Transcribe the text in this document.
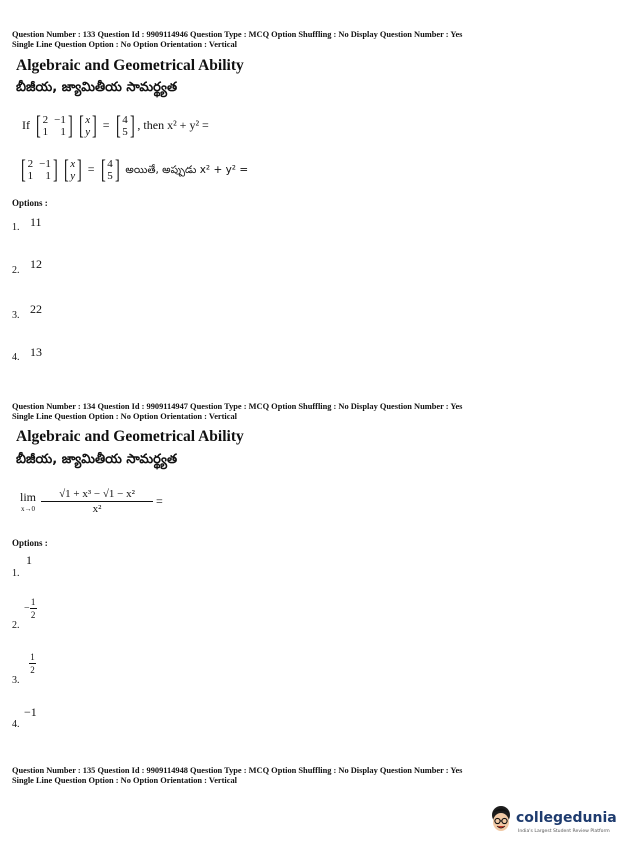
Question Number : 133 Question Id : 9909114946 Question Type : MCQ Option Shuffling : No Display Question Number : Yes
Single Line Question Option : No Option Orientation : Vertical
Algebraic and Geometrical Ability
బీజీయ, జ్యామితీయ సామర్థ్యత
If [ 2 −1
1	1 ] [ x
y ] = [ 4
5 ] , then x² + y² =
[ 2 −1
1	1 ] [ x
y ] = [ 4
5 ] అయితే, అప్పుడు x² + y² =
Options :
1. 11
2. 12
3. 22
4. 13
Question Number : 134 Question Id : 9909114947 Question Type : MCQ Option Shuffling : No Display Question Number : Yes
Single Line Question Option : No Option Orientation : Vertical
Algebraic and Geometrical Ability
బీజీయ, జ్యామితీయ సామర్థ్యత
lim
x→0
$\frac{\text{√1 + x³ − √1 − x²}}{\text{x²}}$ =
Options :
1.
1
2.
− $\frac{1}{2}$
3.
$\frac{1}{2}$
4.
−1
Question Number : 135 Question Id : 9909114948 Question Type : MCQ Option Shuffling : No Display Question Number : Yes
Single Line Question Option : No Option Orientation : Vertical
collegedunia
India's Largest Student Review Platform
